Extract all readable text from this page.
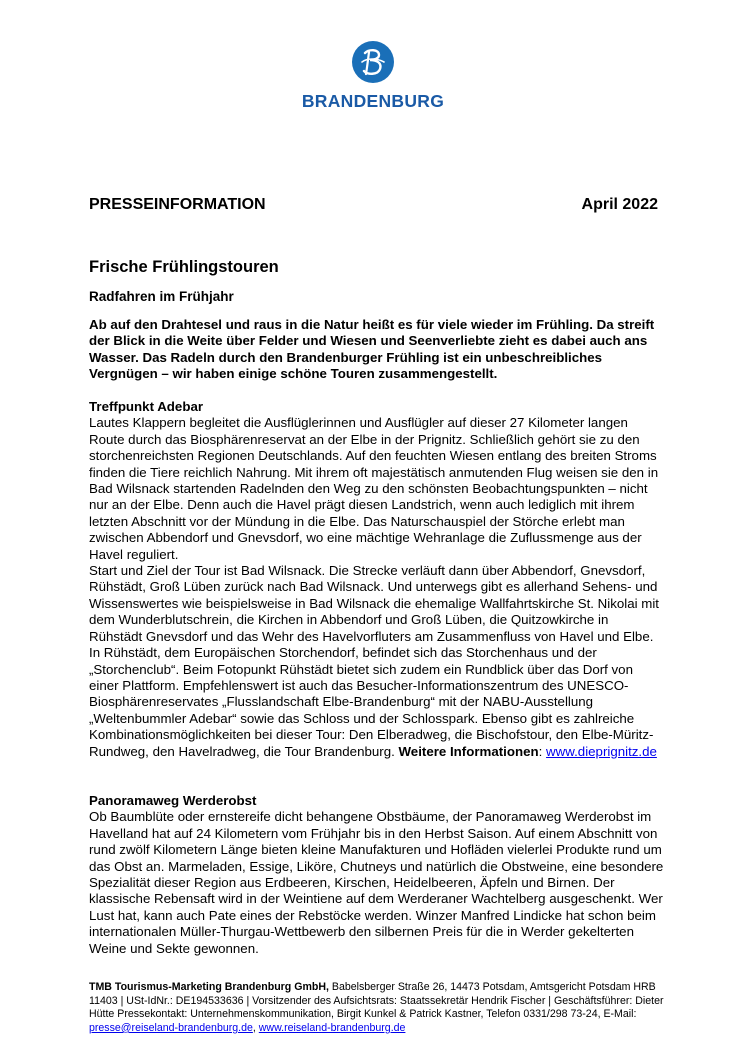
BRANDENBURG
PRESSEINFORMATION	April 2022
Frische Frühlingstouren
Radfahren im Frühjahr

Ab auf den Drahtesel und raus in die Natur heißt es für viele wieder im Frühling. Da streift der Blick in die Weite über Felder und Wiesen und Seenverliebte zieht es dabei auch ans Wasser. Das Radeln durch den Brandenburger Frühling ist ein unbeschreibliches Vergnügen – wir haben einige schöne Touren zusammengestellt.

Treffpunkt Adebar

Lautes Klappern begleitet die Ausflüglerinnen und Ausflügler auf dieser 27 Kilometer langen Route durch das Biosphärenreservat an der Elbe in der Prignitz. Schließlich gehört sie zu den storchenreichsten Regionen Deutschlands. Auf den feuchten Wiesen entlang des breiten Stroms finden die Tiere reichlich Nahrung. Mit ihrem oft majestätisch anmutenden Flug weisen sie den in Bad Wilsnack startenden Radelnden den Weg zu den schönsten Beobachtungspunkten – nicht nur an der Elbe. Denn auch die Havel prägt diesen Landstrich, wenn auch lediglich mit ihrem letzten Abschnitt vor der Mündung in die Elbe. Das Naturschauspiel der Störche erlebt man zwischen Abbendorf und Gnevsdorf, wo eine mächtige Wehranlage die Zuflussmenge aus der Havel reguliert.

Start und Ziel der Tour ist Bad Wilsnack. Die Strecke verläuft dann über Abbendorf, Gnevsdorf, Rühstädt, Groß Lüben zurück nach Bad Wilsnack. Und unterwegs gibt es allerhand Sehens- und Wissenswertes wie beispielsweise in Bad Wilsnack die ehemalige Wallfahrtskirche St. Nikolai mit dem Wunderblutschrein, die Kirchen in Abbendorf und Groß Lüben, die Quitzowkirche in Rühstädt Gnevsdorf und das Wehr des Havelvorfluters am Zusammenfluss von Havel und Elbe. In Rühstädt, dem Europäischen Storchendorf, befindet sich das Storchenhaus und der „Storchenclub“. Beim Fotopunkt Rühstädt bietet sich zudem ein Rundblick über das Dorf von einer Plattform. Empfehlenswert ist auch das Besucher-Informationszentrum des UNESCO-Biosphärenreservates „Flusslandschaft Elbe-Brandenburg“ mit der NABU-Ausstellung „Weltenbummler Adebar“ sowie das Schloss und der Schlosspark. Ebenso gibt es zahlreiche Kombinationsmöglichkeiten bei dieser Tour: Den Elberadweg, die Bischofstour, den Elbe-Müritz-Rundweg, den Havelradweg, die Tour Brandenburg. Weitere Informationen: www.dieprignitz.de

Panoramaweg Werderobst

Ob Baumblüte oder ernstereife dicht behangene Obstbäume, der Panoramaweg Werderobst im Havelland hat auf 24 Kilometern vom Frühjahr bis in den Herbst Saison. Auf einem Abschnitt von rund zwölf Kilometern Länge bieten kleine Manufakturen und Hofläden vielerlei Produkte rund um das Obst an. Marmeladen, Essige, Liköre, Chutneys und natürlich die Obstweine, eine besondere Spezialität dieser Region aus Erdbeeren, Kirschen, Heidelbeeren, Äpfeln und Birnen. Der klassische Rebensaft wird in der Weintiene auf dem Werderaner Wachtelberg ausgeschenkt. Wer Lust hat, kann auch Pate eines der Rebstöcke werden. Winzer Manfred Lindicke hat schon beim internationalen Müller-Thurgau-Wettbewerb den silbernen Preis für die in Werder gekelterten Weine und Sekte gewonnen.

TMB Tourismus-Marketing Brandenburg GmbH, Babelsberger Straße 26, 14473 Potsdam, Amtsgericht Potsdam HRB 11403 | USt-IdNr.: DE194533636 | Vorsitzender des Aufsichtsrats: Staatssekretär Hendrik Fischer | Geschäftsführer: Dieter Hütte Pressekontakt: Unternehmenskommunikation, Birgit Kunkel & Patrick Kastner, Telefon 0331/298 73-24, E-Mail: presse@reiseland-brandenburg.de, www.reiseland-brandenburg.de
